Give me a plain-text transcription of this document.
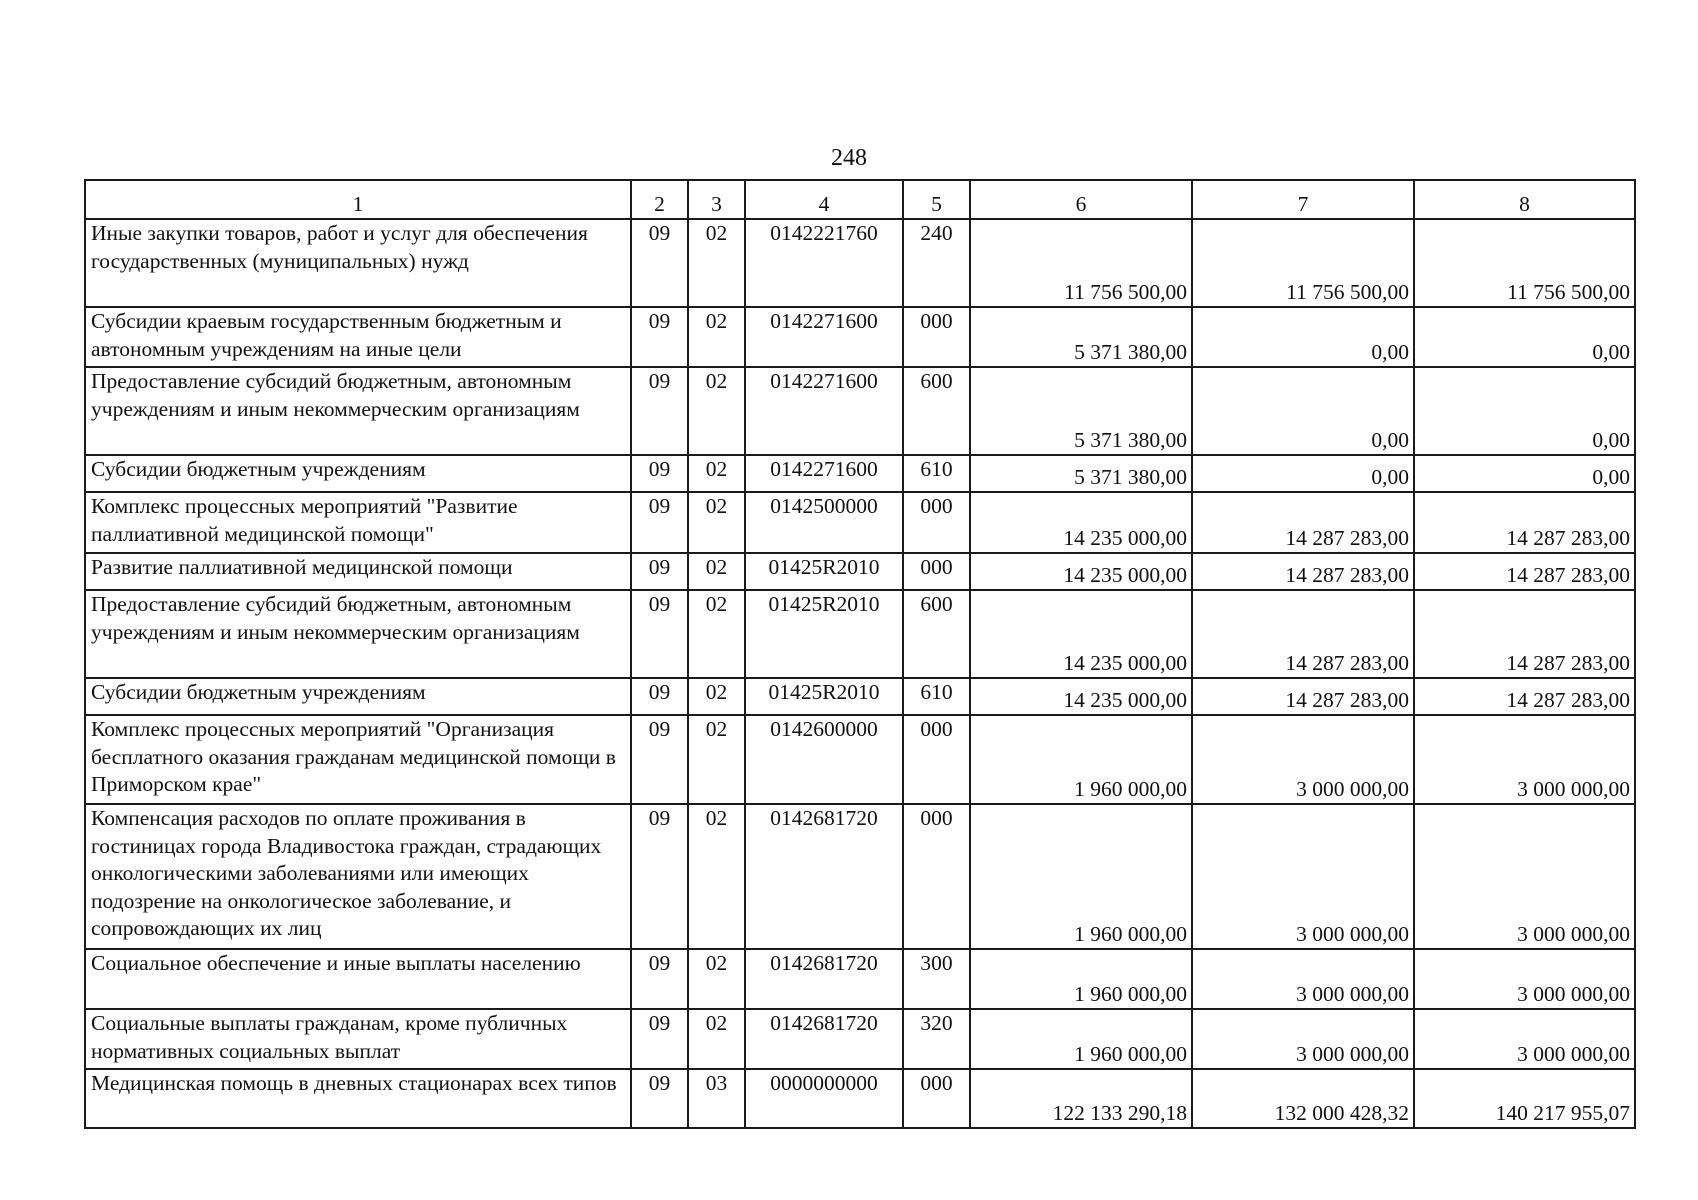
248
1	2	3	4	5	6	7	8
Иные закупки товаров, работ и услуг для обеспечения государственных (муниципальных) нужд	09	02	0142221760	240	11 756 500,00	11 756 500,00	11 756 500,00
Субсидии краевым государственным бюджетным и автономным учреждениям на иные цели	09	02	0142271600	000	5 371 380,00	0,00	0,00
Предоставление субсидий бюджетным, автономным учреждениям и иным некоммерческим организациям	09	02	0142271600	600	5 371 380,00	0,00	0,00
Субсидии бюджетным учреждениям	09	02	0142271600	610	5 371 380,00	0,00	0,00
Комплекс процессных мероприятий "Развитие паллиативной медицинской помощи"	09	02	0142500000	000	14 235 000,00	14 287 283,00	14 287 283,00
Развитие паллиативной медицинской помощи	09	02	01425R2010	000	14 235 000,00	14 287 283,00	14 287 283,00
Предоставление субсидий бюджетным, автономным учреждениям и иным некоммерческим организациям	09	02	01425R2010	600	14 235 000,00	14 287 283,00	14 287 283,00
Субсидии бюджетным учреждениям	09	02	01425R2010	610	14 235 000,00	14 287 283,00	14 287 283,00
Комплекс процессных мероприятий "Организация бесплатного оказания гражданам медицинской помощи в Приморском крае"	09	02	0142600000	000	1 960 000,00	3 000 000,00	3 000 000,00
Компенсация расходов по оплате проживания в гостиницах города Владивостока граждан, страдающих онкологическими заболеваниями или имеющих подозрение на онкологическое заболевание, и сопровождающих их лиц	09	02	0142681720	000	1 960 000,00	3 000 000,00	3 000 000,00
Социальное обеспечение и иные выплаты населению	09	02	0142681720	300	1 960 000,00	3 000 000,00	3 000 000,00
Социальные выплаты гражданам, кроме публичных нормативных социальных выплат	09	02	0142681720	320	1 960 000,00	3 000 000,00	3 000 000,00
Медицинская помощь в дневных стационарах всех типов	09	03	0000000000	000	122 133 290,18	132 000 428,32	140 217 955,07
